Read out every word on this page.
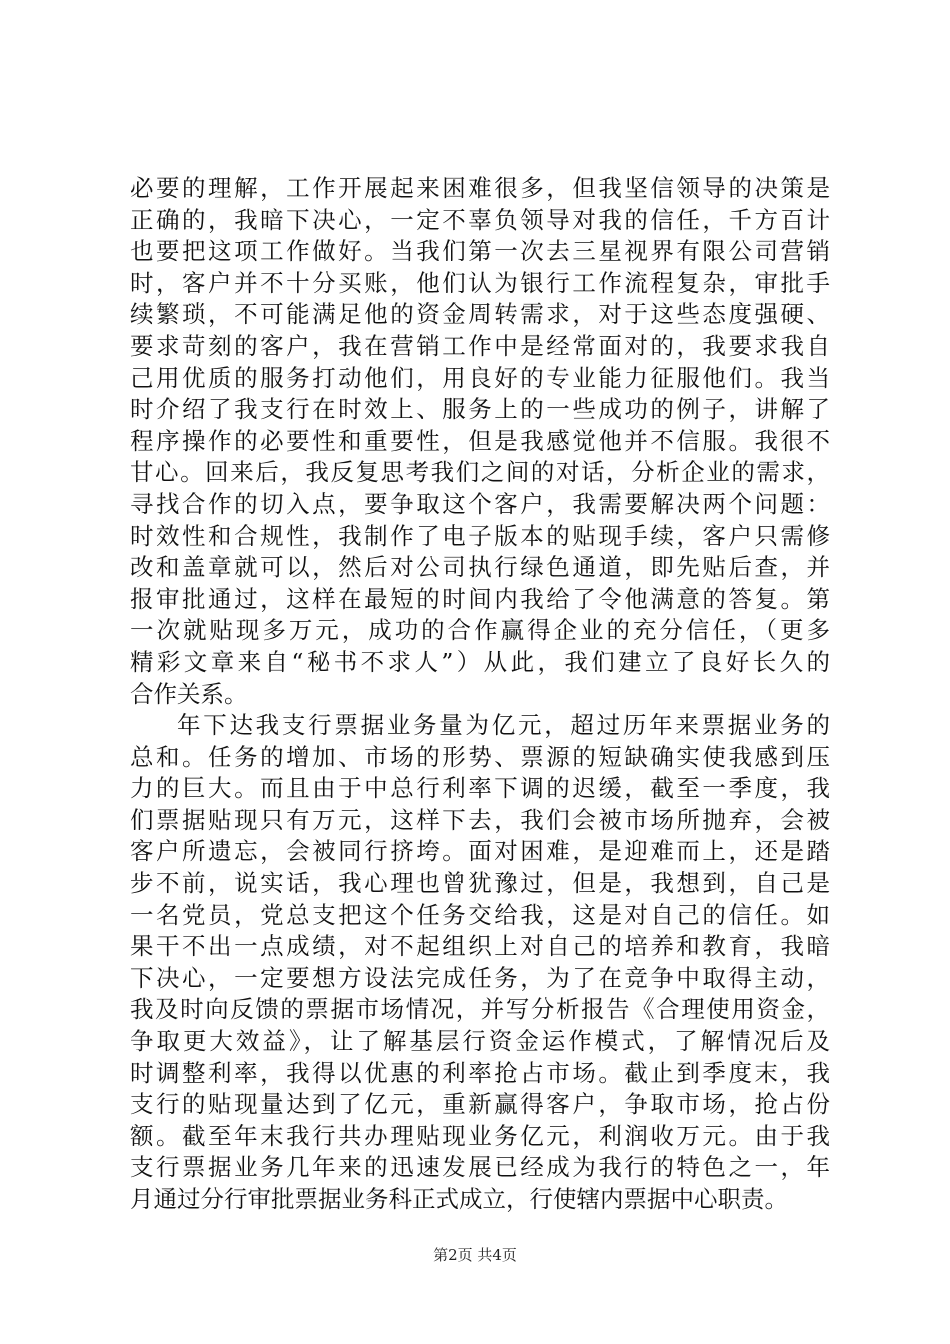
必要的理解，工作开展起来困难很多，但我坚信领导的决策是
正确的，我暗下决心，一定不辜负领导对我的信任，千方百计
也要把这项工作做好。当我们第一次去三星视界有限公司营销
时，客户并不十分买账，他们认为银行工作流程复杂，审批手
续繁琐，不可能满足他的资金周转需求，对于这些态度强硬、
要求苛刻的客户，我在营销工作中是经常面对的，我要求我自
己用优质的服务打动他们，用良好的专业能力征服他们。我当
时介绍了我支行在时效上、服务上的一些成功的例子，讲解了
程序操作的必要性和重要性，但是我感觉他并不信服。我很不
甘心。回来后，我反复思考我们之间的对话，分析企业的需求，
寻找合作的切入点，要争取这个客户，我需要解决两个问题：
时效性和合规性，我制作了电子版本的贴现手续，客户只需修
改和盖章就可以，然后对公司执行绿色通道，即先贴后查，并
报审批通过，这样在最短的时间内我给了令他满意的答复。第
一次就贴现多万元，成功的合作赢得企业的充分信任，（更多
精彩文章来自“秘书不求人”）从此，我们建立了良好长久的
合作关系。
年下达我支行票据业务量为亿元，超过历年来票据业务的
总和。任务的增加、市场的形势、票源的短缺确实使我感到压
力的巨大。而且由于中总行利率下调的迟缓，截至一季度，我
们票据贴现只有万元，这样下去，我们会被市场所抛弃，会被
客户所遗忘，会被同行挤垮。面对困难，是迎难而上，还是踏
步不前，说实话，我心理也曾犹豫过，但是，我想到，自己是
一名党员，党总支把这个任务交给我，这是对自己的信任。如
果干不出一点成绩，对不起组织上对自己的培养和教育，我暗
下决心，一定要想方设法完成任务，为了在竞争中取得主动，
我及时向反馈的票据市场情况，并写分析报告《合理使用资金，
争取更大效益》，让了解基层行资金运作模式，了解情况后及
时调整利率，我得以优惠的利率抢占市场。截止到季度末，我
支行的贴现量达到了亿元，重新赢得客户，争取市场，抢占份
额。截至年末我行共办理贴现业务亿元，利润收万元。由于我
支行票据业务几年来的迅速发展已经成为我行的特色之一，年
月通过分行审批票据业务科正式成立，行使辖内票据中心职责。
第2页 共4页
